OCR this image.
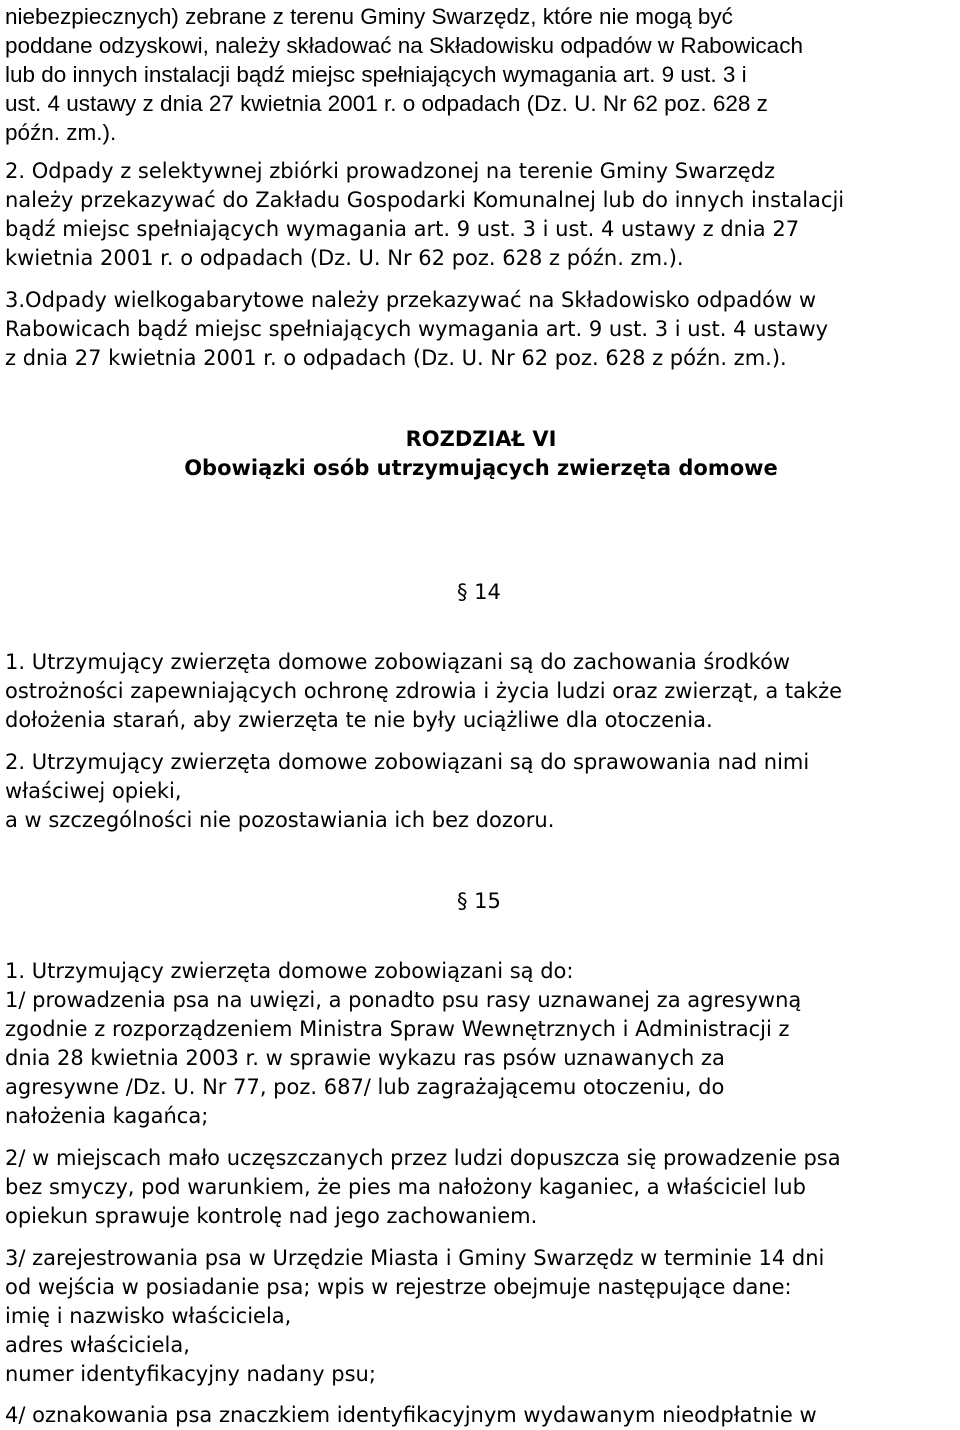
niebezpiecznych) zebrane z terenu Gminy Swarzędz, które nie mogą być
poddane odzyskowi, należy składować na Składowisku odpadów w Rabowicach
lub do innych instalacji bądź miejsc spełniających wymagania art. 9 ust. 3 i
ust. 4 ustawy z dnia 27 kwietnia 2001 r. o odpadach (Dz. U. Nr 62 poz. 628 z
późn. zm.).
2. Odpady z selektywnej zbiórki prowadzonej na terenie Gminy Swarzędz
należy przekazywać do Zakładu Gospodarki Komunalnej lub do innych instalacji
bądź miejsc spełniających wymagania art. 9 ust. 3 i ust. 4 ustawy z dnia 27
kwietnia 2001 r. o odpadach (Dz. U. Nr 62 poz. 628 z późn. zm.).
3.Odpady wielkogabarytowe należy przekazywać na Składowisko odpadów w
Rabowicach bądź miejsc spełniających wymagania art. 9 ust. 3 i ust. 4 ustawy
z dnia 27 kwietnia 2001 r. o odpadach (Dz. U. Nr 62 poz. 628 z późn. zm.).
ROZDZIAŁ VI
Obowiązki osób utrzymujących zwierzęta domowe
§ 14
1. Utrzymujący zwierzęta domowe zobowiązani są do zachowania środków
ostrożności zapewniających ochronę zdrowia i życia ludzi oraz zwierząt, a także
dołożenia starań, aby zwierzęta te nie były uciążliwe dla otoczenia.
2. Utrzymujący zwierzęta domowe zobowiązani są do sprawowania nad nimi
właściwej opieki,
a w szczególności nie pozostawiania ich bez dozoru.
§ 15
1. Utrzymujący zwierzęta domowe zobowiązani są do:
1/ prowadzenia psa na uwięzi, a ponadto psu rasy uznawanej za agresywną
zgodnie z rozporządzeniem Ministra Spraw Wewnętrznych i Administracji z
dnia 28 kwietnia 2003 r. w sprawie wykazu ras psów uznawanych za
agresywne /Dz. U. Nr 77, poz. 687/ lub zagrażającemu otoczeniu, do
nałożenia kagańca;
2/ w miejscach mało uczęszczanych przez ludzi dopuszcza się prowadzenie psa
bez smyczy, pod warunkiem, że pies ma nałożony kaganiec, a właściciel lub
opiekun sprawuje kontrolę nad jego zachowaniem.
3/ zarejestrowania psa w Urzędzie Miasta i Gminy Swarzędz w terminie 14 dni
od wejścia w posiadanie psa; wpis w rejestrze obejmuje następujące dane:
imię i nazwisko właściciela,
adres właściciela,
numer identyfikacyjny nadany psu;
4/ oznakowania psa znaczkiem identyfikacyjnym wydawanym nieodpłatnie w
